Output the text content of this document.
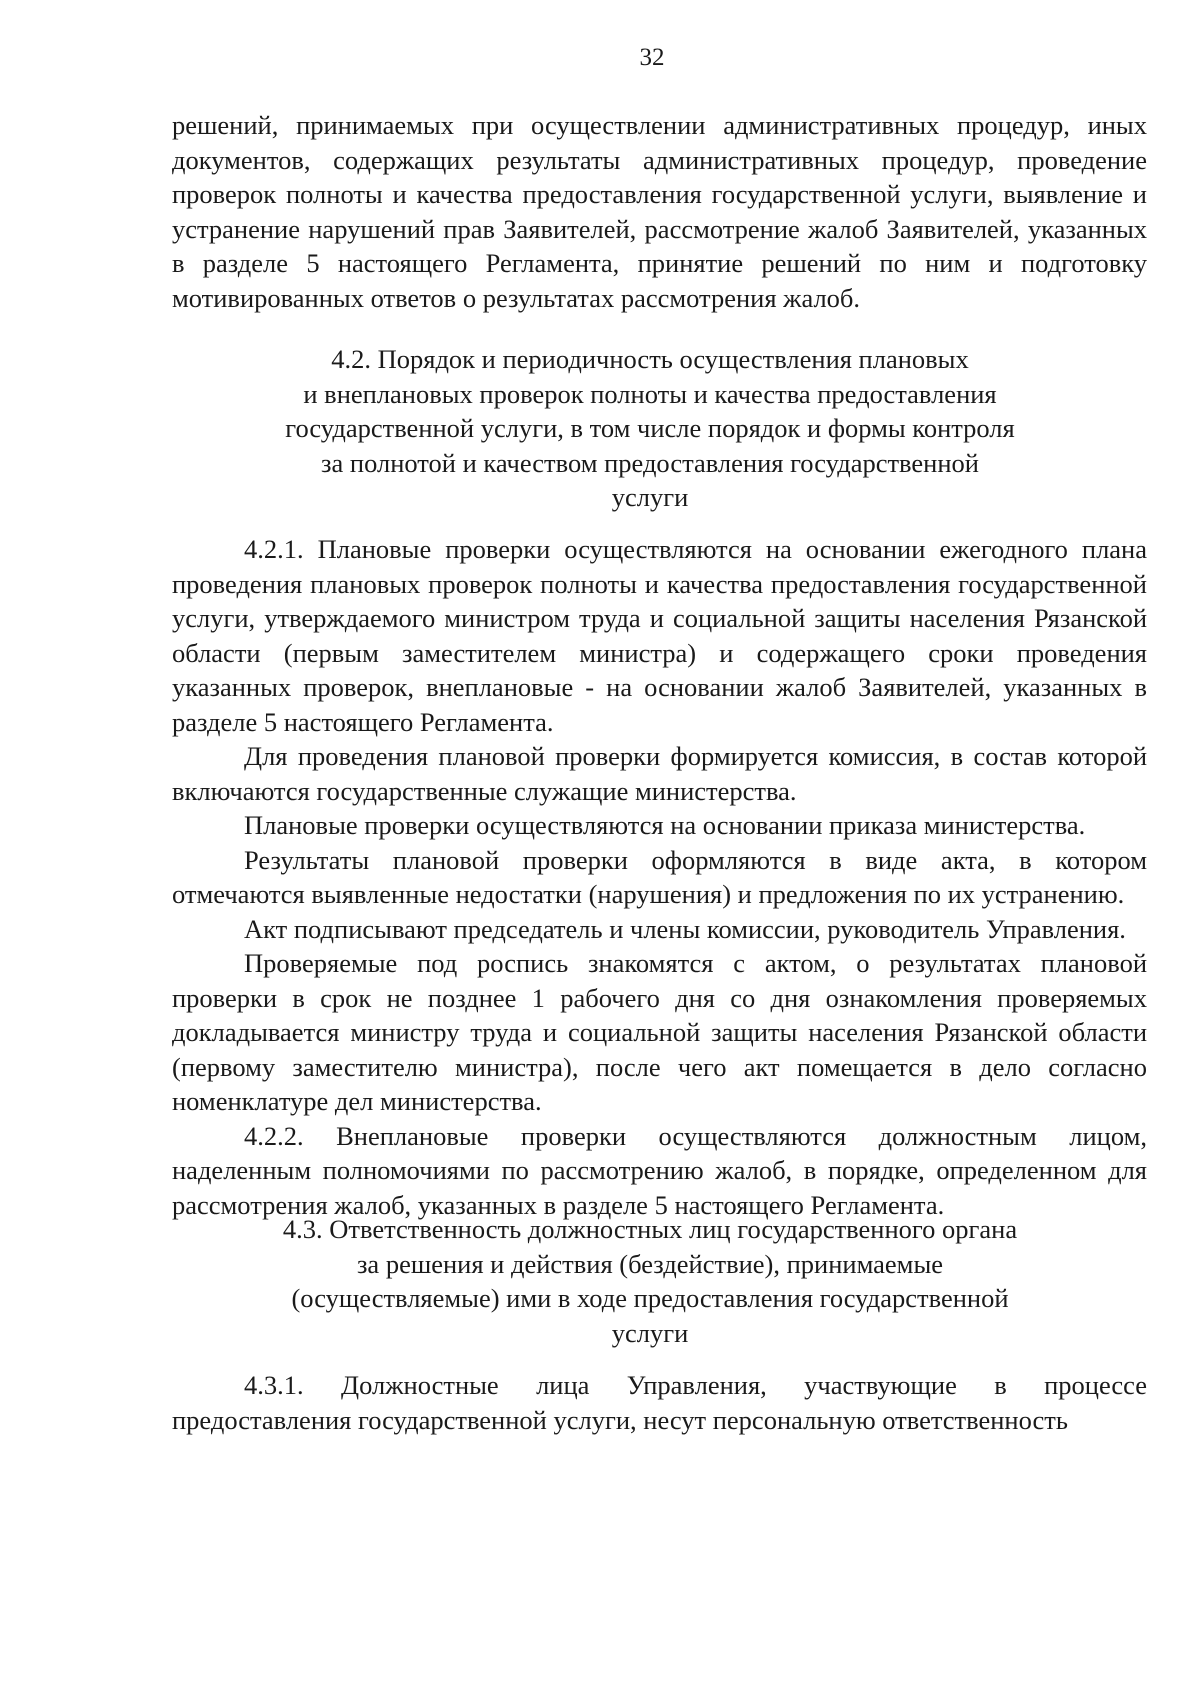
32

решений, принимаемых при осуществлении административных процедур, иных документов, содержащих результаты административных процедур, проведение проверок полноты и качества предоставления государственной услуги, выявление и устранение нарушений прав Заявителей, рассмотрение жалоб Заявителей, указанных в разделе 5 настоящего Регламента, принятие решений по ним и подготовку мотивированных ответов о результатах рассмотрения жалоб.

4.2. Порядок и периодичность осуществления плановых
и внеплановых проверок полноты и качества предоставления
государственной услуги, в том числе порядок и формы контроля
за полнотой и качеством предоставления государственной
услуги

4.2.1. Плановые проверки осуществляются на основании ежегодного плана проведения плановых проверок полноты и качества предоставления государственной услуги, утверждаемого министром труда и социальной защиты населения Рязанской области (первым заместителем министра) и содержащего сроки проведения указанных проверок, внеплановые - на основании жалоб Заявителей, указанных в разделе 5 настоящего Регламента.

Для проведения плановой проверки формируется комиссия, в состав которой включаются государственные служащие министерства.

Плановые проверки осуществляются на основании приказа министерства.

Результаты плановой проверки оформляются в виде акта, в котором отмечаются выявленные недостатки (нарушения) и предложения по их устранению.

Акт подписывают председатель и члены комиссии, руководитель Управления.

Проверяемые под роспись знакомятся с актом, о результатах плановой проверки в срок не позднее 1 рабочего дня со дня ознакомления проверяемых докладывается министру труда и социальной защиты населения Рязанской области (первому заместителю министра), после чего акт помещается в дело согласно номенклатуре дел министерства.

4.2.2. Внеплановые проверки осуществляются должностным лицом, наделенным полномочиями по рассмотрению жалоб, в порядке, определенном для рассмотрения жалоб, указанных в разделе 5 настоящего Регламента.

4.3. Ответственность должностных лиц государственного органа
за решения и действия (бездействие), принимаемые
(осуществляемые) ими в ходе предоставления государственной
услуги

4.3.1. Должностные лица Управления, участвующие в процессе предоставления государственной услуги, несут персональную ответственность
